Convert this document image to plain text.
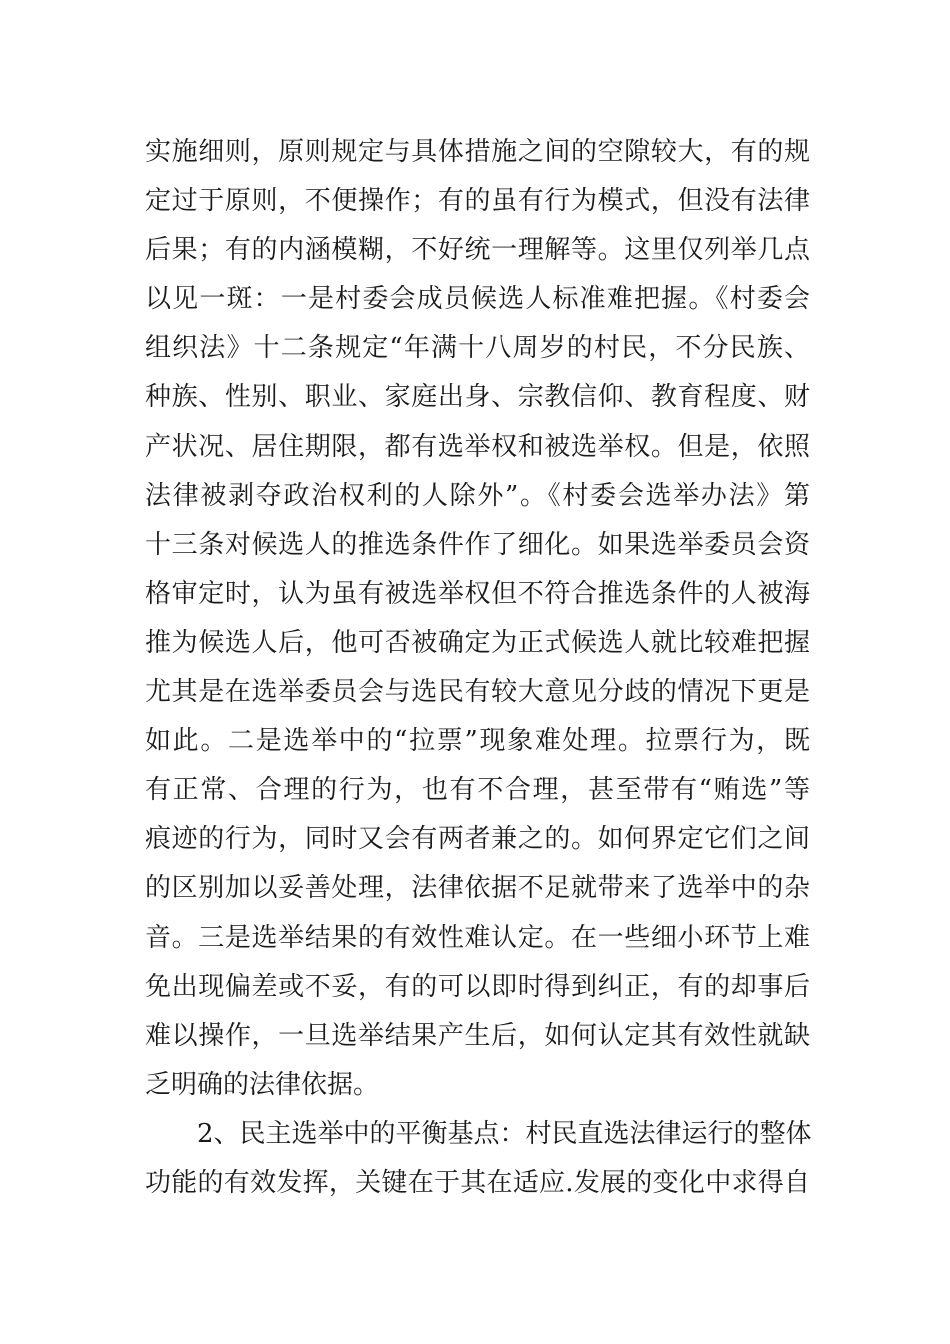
实施细则，原则规定与具体措施之间的空隙较大，有的规
定过于原则，不便操作；有的虽有行为模式，但没有法律
后果；有的内涵模糊，不好统一理解等。这里仅列举几点
以见一斑：一是村委会成员候选人标准难把握。《村委会
组织法》十二条规定“年满十八周岁的村民，不分民族、
种族、性别、职业、家庭出身、宗教信仰、教育程度、财
产状况、居住期限，都有选举权和被选举权。但是，依照
法律被剥夺政治权利的人除外”。《村委会选举办法》第
十三条对候选人的推选条件作了细化。如果选举委员会资
格审定时，认为虽有被选举权但不符合推选条件的人被海
推为候选人后，他可否被确定为正式候选人就比较难把握
尤其是在选举委员会与选民有较大意见分歧的情况下更是
如此。二是选举中的“拉票”现象难处理。拉票行为，既
有正常、合理的行为，也有不合理，甚至带有“贿选”等
痕迹的行为，同时又会有两者兼之的。如何界定它们之间
的区别加以妥善处理，法律依据不足就带来了选举中的杂
音。三是选举结果的有效性难认定。在一些细小环节上难
免出现偏差或不妥，有的可以即时得到纠正，有的却事后
难以操作，一旦选举结果产生后，如何认定其有效性就缺
乏明确的法律依据。
2、民主选举中的平衡基点：村民直选法律运行的整体
功能的有效发挥，关键在于其在适应.发展的变化中求得自
